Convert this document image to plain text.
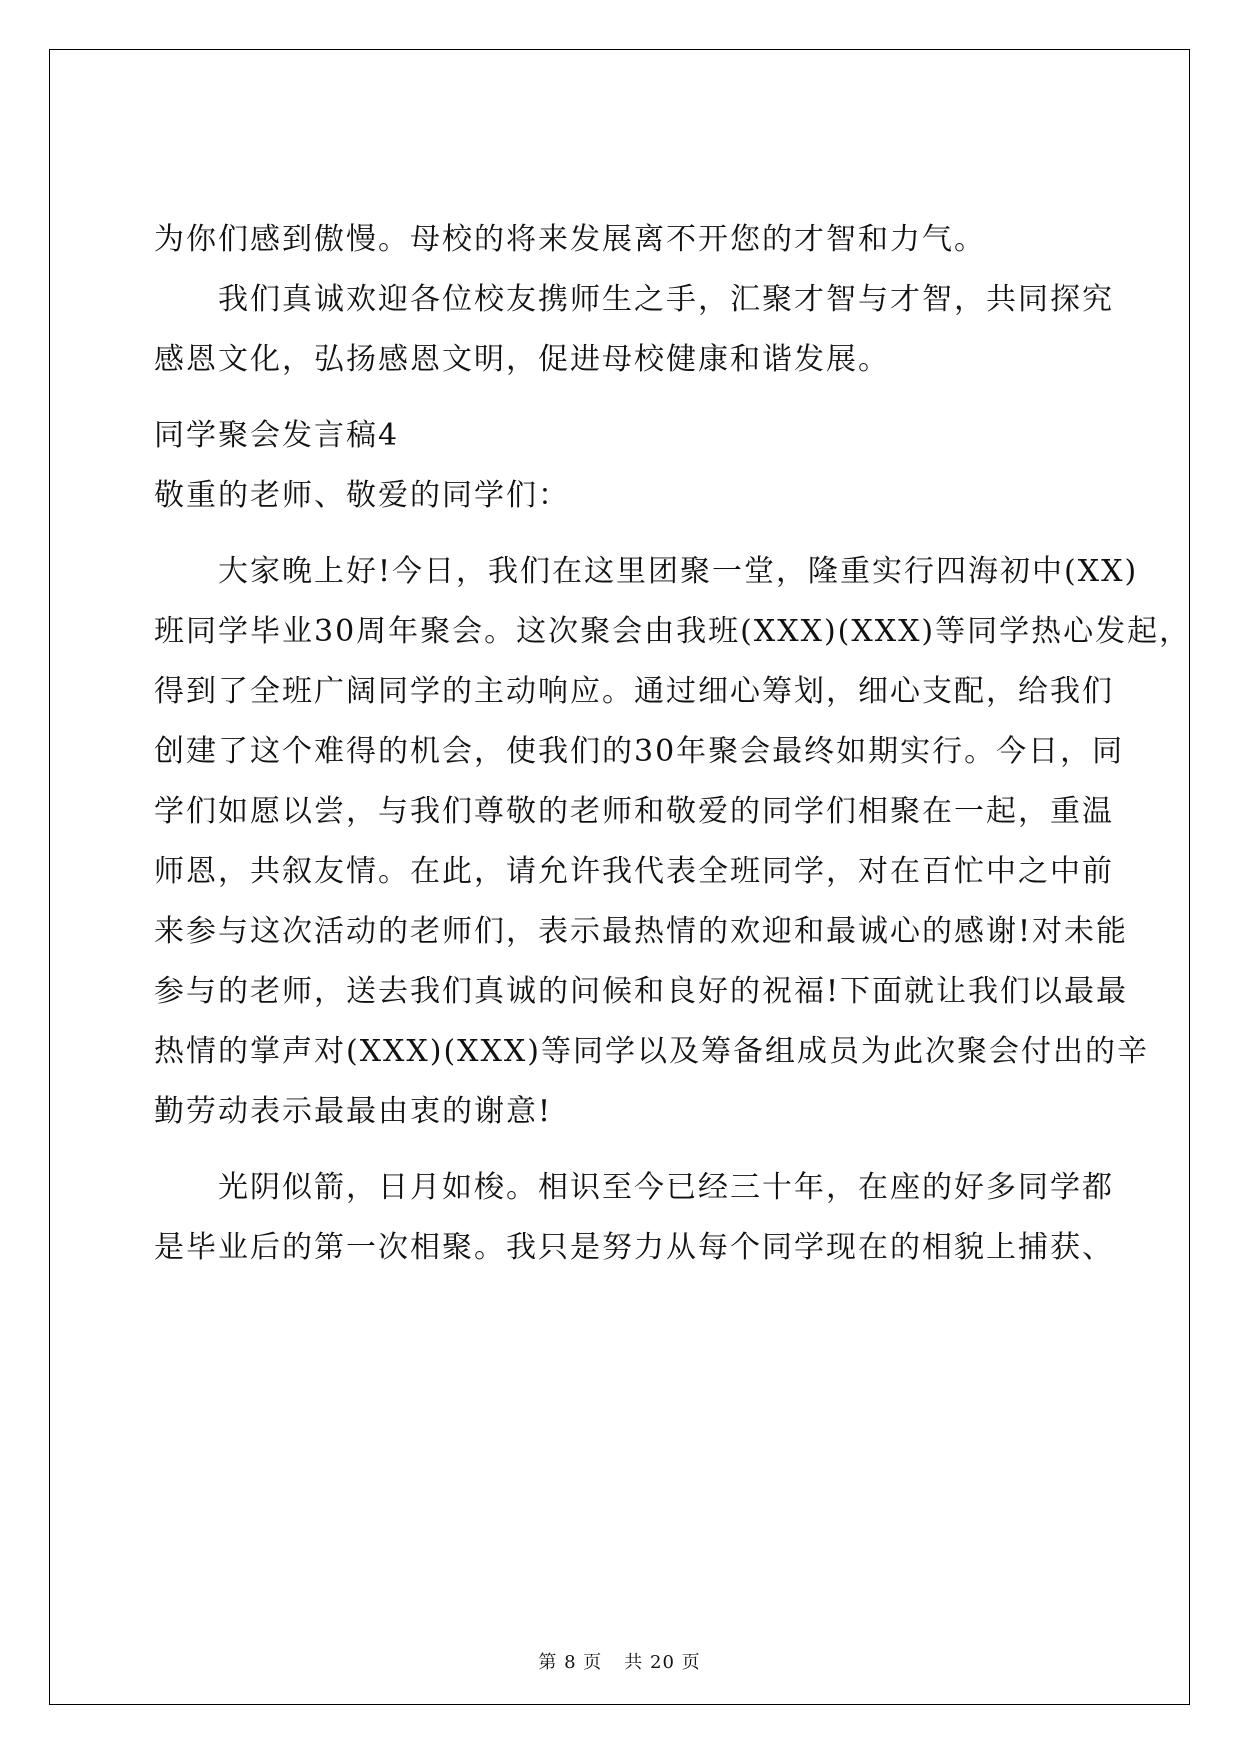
为你们感到傲慢。母校的将来发展离不开您的才智和力气。
我们真诚欢迎各位校友携师生之手，汇聚才智与才智，共同探究
感恩文化，弘扬感恩文明，促进母校健康和谐发展。
同学聚会发言稿4
敬重的老师、敬爱的同学们：
大家晚上好!今日，我们在这里团聚一堂，隆重实行四海初中(XX)
班同学毕业30周年聚会。这次聚会由我班(XXX)(XXX)等同学热心发起，
得到了全班广阔同学的主动响应。通过细心筹划，细心支配，给我们
创建了这个难得的机会，使我们的30年聚会最终如期实行。今日，同
学们如愿以尝，与我们尊敬的老师和敬爱的同学们相聚在一起，重温
师恩，共叙友情。在此，请允许我代表全班同学，对在百忙中之中前
来参与这次活动的老师们，表示最热情的欢迎和最诚心的感谢!对未能
参与的老师，送去我们真诚的问候和良好的祝福!下面就让我们以最最
热情的掌声对(XXX)(XXX)等同学以及筹备组成员为此次聚会付出的辛
勤劳动表示最最由衷的谢意!
光阴似箭，日月如梭。相识至今已经三十年，在座的好多同学都
是毕业后的第一次相聚。我只是努力从每个同学现在的相貌上捕获、
第 8 页 共 20 页
